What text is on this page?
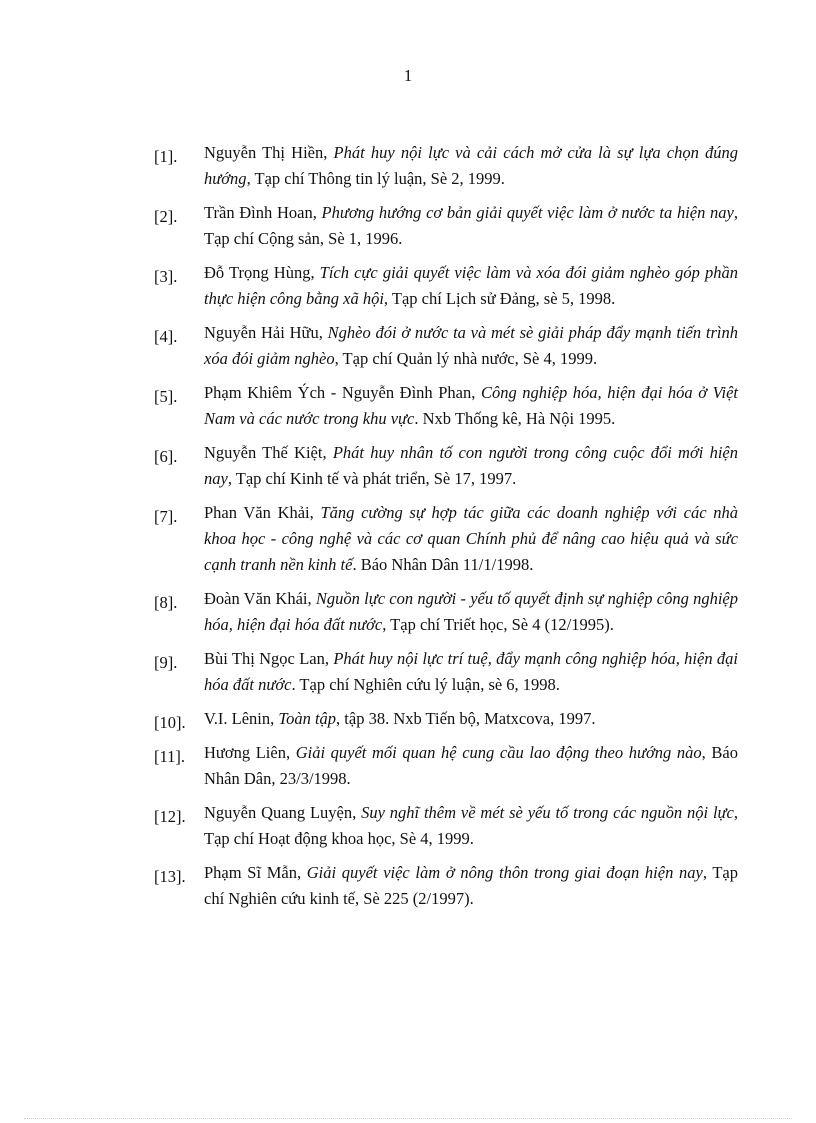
1
[1]. Nguyễn Thị Hiền, Phát huy nội lực và cải cách mở cửa là sự lựa chọn đúng hướng, Tạp chí Thông tin lý luận, Sè 2, 1999.
[2]. Trần Đình Hoan, Phương hướng cơ bản giải quyết việc làm ở nước ta hiện nay, Tạp chí Cộng sản, Sè 1, 1996.
[3]. Đỗ Trọng Hùng, Tích cực giải quyết việc làm và xóa đói giảm nghèo góp phần thực hiện công bằng xã hội, Tạp chí Lịch sử Đảng, sè 5, 1998.
[4]. Nguyễn Hải Hữu, Nghèo đói ở nước ta và mét sè giải pháp đẩy mạnh tiến trình xóa đói giảm nghèo, Tạp chí Quản lý nhà nước, Sè 4, 1999.
[5]. Phạm Khiêm Ých - Nguyễn Đình Phan, Công nghiệp hóa, hiện đại hóa ở Việt Nam và các nước trong khu vực. Nxb Thống kê, Hà Nội 1995.
[6]. Nguyễn Thế Kiệt, Phát huy nhân tố con người trong công cuộc đổi mới hiện nay, Tạp chí Kinh tế và phát triển, Sè 17, 1997.
[7]. Phan Văn Khải, Tăng cường sự hợp tác giữa các doanh nghiệp với các nhà khoa học - công nghệ và các cơ quan Chính phủ để nâng cao hiệu quả và sức cạnh tranh nền kinh tế. Báo Nhân Dân 11/1/1998.
[8]. Đoàn Văn Khái, Nguồn lực con người - yếu tố quyết định sự nghiệp công nghiệp hóa, hiện đại hóa đất nước, Tạp chí Triết học, Sè 4 (12/1995).
[9]. Bùi Thị Ngọc Lan, Phát huy nội lực trí tuệ, đẩy mạnh công nghiệp hóa, hiện đại hóa đất nước. Tạp chí Nghiên cứu lý luận, sè 6, 1998.
[10]. V.I. Lênin, Toàn tập, tập 38. Nxb Tiến bộ, Matxcova, 1997.
[11]. Hương Liên, Giải quyết mối quan hệ cung cầu lao động theo hướng nào, Báo Nhân Dân, 23/3/1998.
[12]. Nguyễn Quang Luyện, Suy nghĩ thêm về mét sè yếu tố trong các nguồn nội lực, Tạp chí Hoạt động khoa học, Sè 4, 1999.
[13]. Phạm Sĩ Mẫn, Giải quyết việc làm ở nông thôn trong giai đoạn hiện nay, Tạp chí Nghiên cứu kinh tế, Sè 225 (2/1997).
